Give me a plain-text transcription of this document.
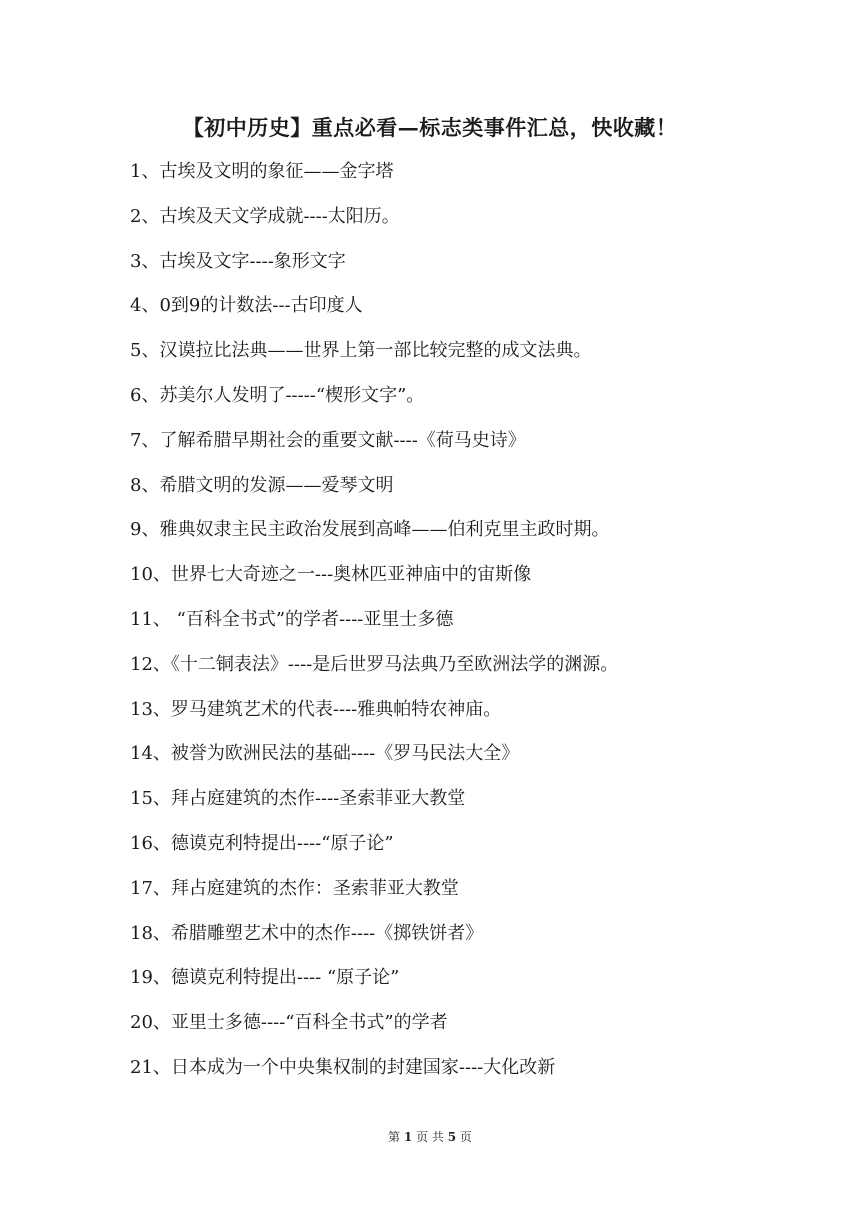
【初中历史】重点必看—标志类事件汇总，快收藏！
1、古埃及文明的象征——金字塔
2、古埃及天文学成就----太阳历。
3、古埃及文字----象形文字
4、0到9的计数法---古印度人
5、汉谟拉比法典——世界上第一部比较完整的成文法典。
6、苏美尔人发明了-----“楔形文字”。
7、了解希腊早期社会的重要文献----《荷马史诗》
8、希腊文明的发源——爱琴文明
9、雅典奴隶主民主政治发展到高峰——伯利克里主政时期。
10、世界七大奇迹之一---奥林匹亚神庙中的宙斯像
11、 “百科全书式”的学者----亚里士多德
12、《十二铜表法》----是后世罗马法典乃至欧洲法学的渊源。
13、罗马建筑艺术的代表----雅典帕特农神庙。
14、被誉为欧洲民法的基础----《罗马民法大全》
15、拜占庭建筑的杰作----圣索菲亚大教堂
16、德谟克利特提出----“原子论”
17、拜占庭建筑的杰作：圣索菲亚大教堂
18、希腊雕塑艺术中的杰作----《掷铁饼者》
19、德谟克利特提出---- “原子论”
20、亚里士多德----“百科全书式”的学者
21、日本成为一个中央集权制的封建国家----大化改新
第 1 页 共 5 页
